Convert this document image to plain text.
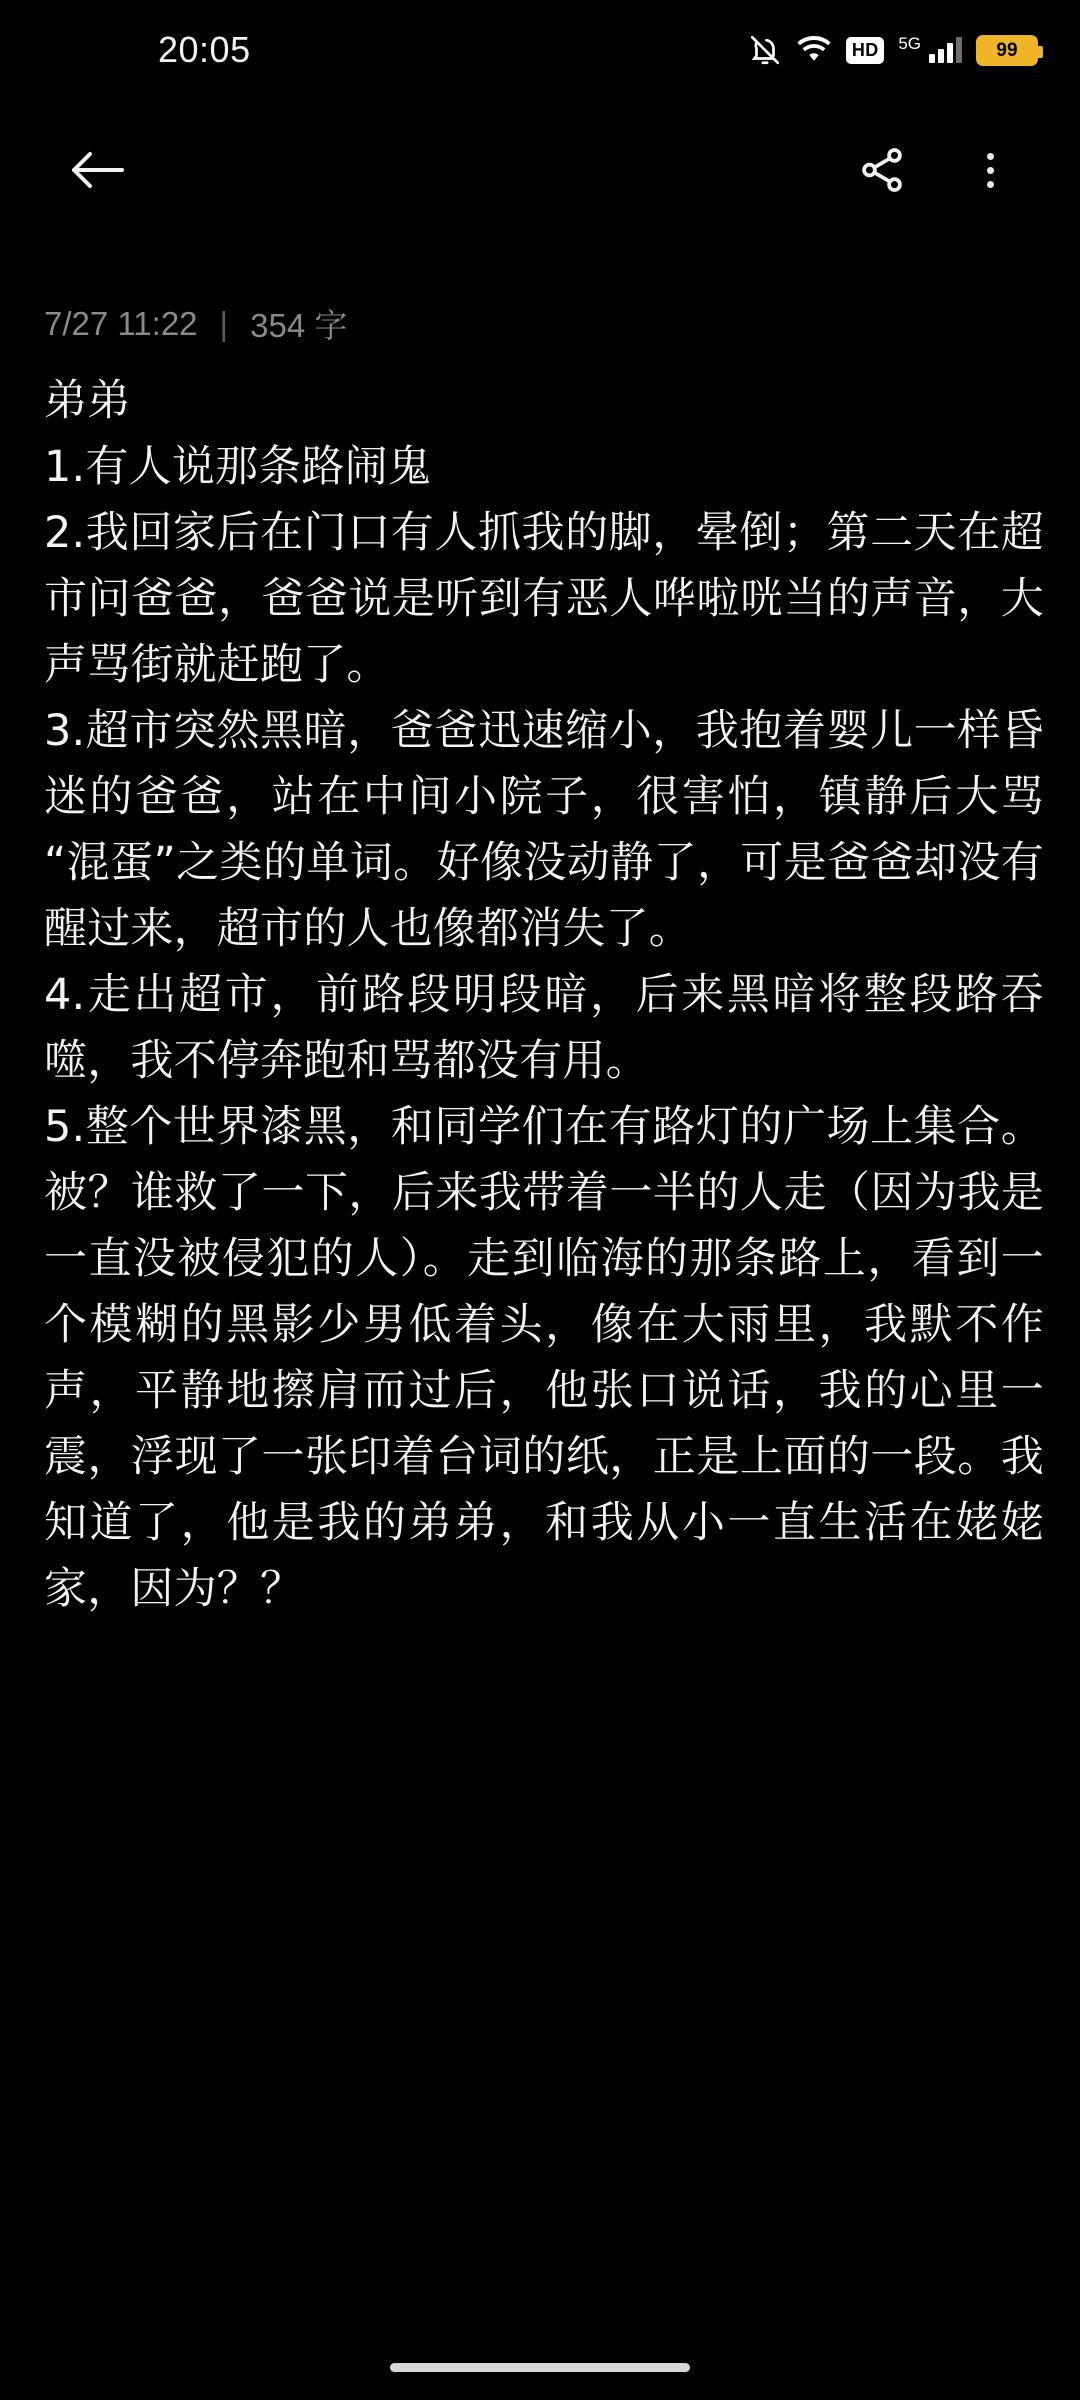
20:05	HD	5G	99
7/27 11:22 | 354 字

弟弟

1.有人说那条路闹鬼

2.我回家后在门口有人抓我的脚，晕倒；第二天在超市问爸爸，爸爸说是听到有恶人哗啦咣当的声音，大声骂街就赶跑了。

3.超市突然黑暗，爸爸迅速缩小，我抱着婴儿一样昏迷的爸爸，站在中间小院子，很害怕，镇静后大骂“混蛋”之类的单词。好像没动静了，可是爸爸却没有醒过来，超市的人也像都消失了。

4.走出超市，前路段明段暗，后来黑暗将整段路吞噬，我不停奔跑和骂都没有用。

5.整个世界漆黑，和同学们在有路灯的广场上集合。被？谁救了一下，后来我带着一半的人走（因为我是一直没被侵犯的人）。走到临海的那条路上，看到一个模糊的黑影少男低着头，像在大雨里，我默不作声，平静地擦肩而过后，他张口说话，我的心里一震，浮现了一张印着台词的纸，正是上面的一段。我知道了，他是我的弟弟，和我从小一直生活在姥姥家，因为？？
